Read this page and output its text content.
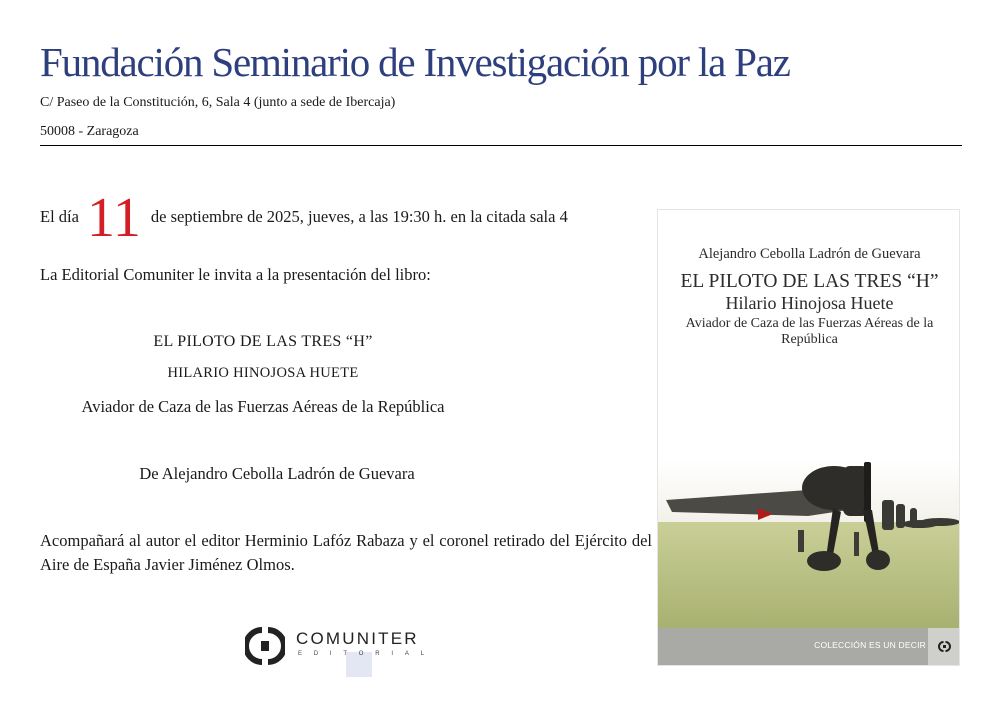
Fundación Seminario de Investigación por la Paz
C/ Paseo de la Constitución, 6, Sala 4 (junto a sede de Ibercaja)
50008 - Zaragoza
El día 11 de septiembre de 2025, jueves, a las 19:30 h. en la citada sala 4
La Editorial Comuniter le invita a la presentación del libro:
EL PILOTO DE LAS TRES “H”
HILARIO HINOJOSA HUETE
Aviador de Caza de las Fuerzas Aéreas de la República
De Alejandro Cebolla Ladrón de Guevara
Acompañará al autor el editor Herminio Lafóz Rabaza y el coronel retirado del Ejército del Aire de España Javier Jiménez Olmos.
COMUNITER
EDITORIAL
Alejandro Cebolla Ladrón de Guevara
EL PILOTO DE LAS TRES “H”
Hilario Hinojosa Huete
Aviador de Caza de las Fuerzas Aéreas de la República
COLECCIÓN ES UN DECIR
